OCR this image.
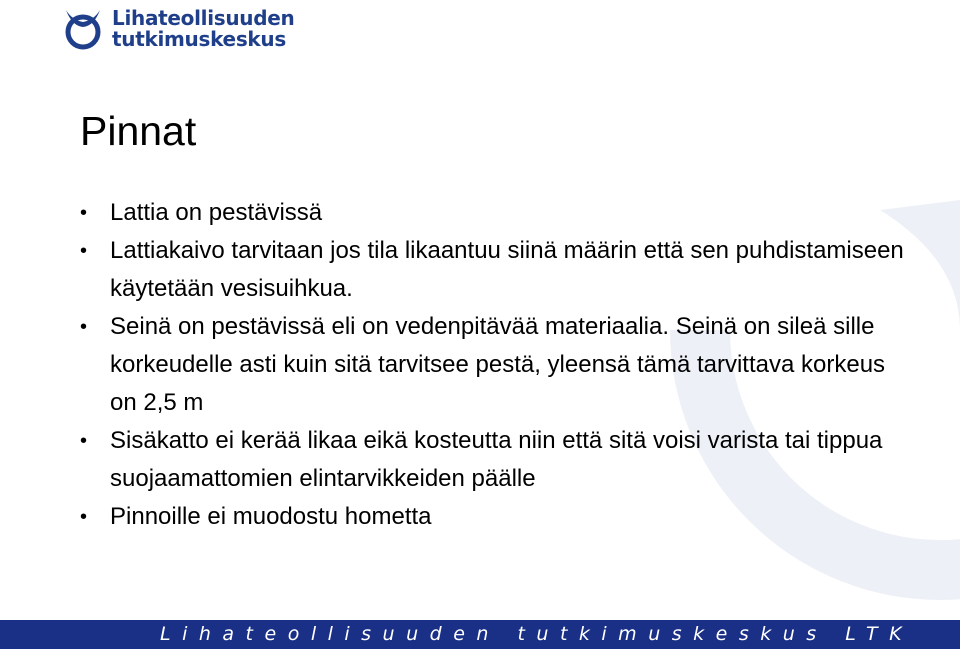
Lihateollisuuden
tutkimuskeskus
Pinnat
• Lattia on pestävissä
• Lattiakaivo tarvitaan jos tila likaantuu siinä määrin että sen puhdistamiseen käytetään vesisuihkua.
• Seinä on pestävissä eli on vedenpitävää materiaalia. Seinä on sileä sille korkeudelle asti kuin sitä tarvitsee pestä, yleensä tämä tarvittava korkeus on 2,5 m
• Sisäkatto ei kerää likaa eikä kosteutta niin että sitä voisi varista tai tippua suojaamattomien elintarvikkeiden päälle
• Pinnoille ei muodostu hometta
Lihateollisuuden tutkimuskeskus LTK
